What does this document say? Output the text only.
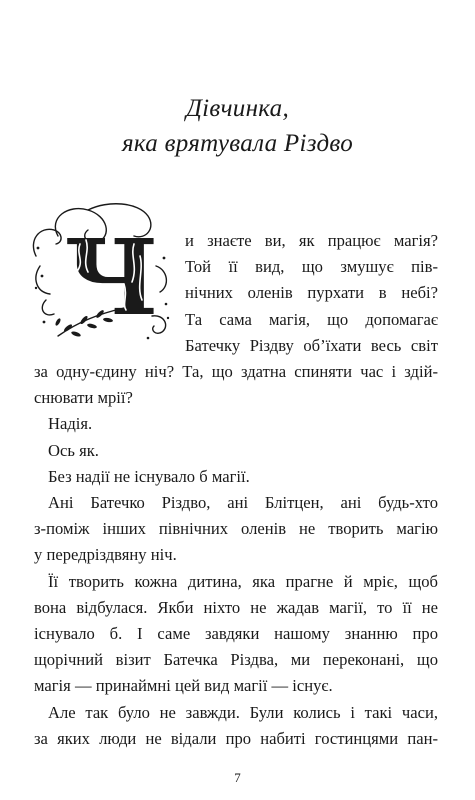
Дівчинка,
яка врятувала Різдво
Ч и знаєте ви, як працює магія?
Той її вид, що змушує пів-
нічних оленів пурхати в небі?
Та сама магія, що допомагає
Батечку Різдву об’їхати весь світ
за одну-єдину ніч? Та, що здатна спиняти час і здій-
снювати мрії?
Надія.
Ось як.
Без надії не існувало б магії.
Ані Батечко Різдво, ані Блітцен, ані будь-хто
з-поміж інших північних оленів не творить магію
у передріздвяну ніч.
Її творить кожна дитина, яка прагне й мріє, щоб
вона відбулася. Якби ніхто не жадав магії, то її не
існувало б. І саме завдяки нашому знанню про
щорічний візит Батечка Різдва, ми переконані, що
магія — принаймні цей вид магії — існує.
7
Але так було не завжди. Були колись і такі часи,
за яких люди не відали про набиті гостинцями пан-
